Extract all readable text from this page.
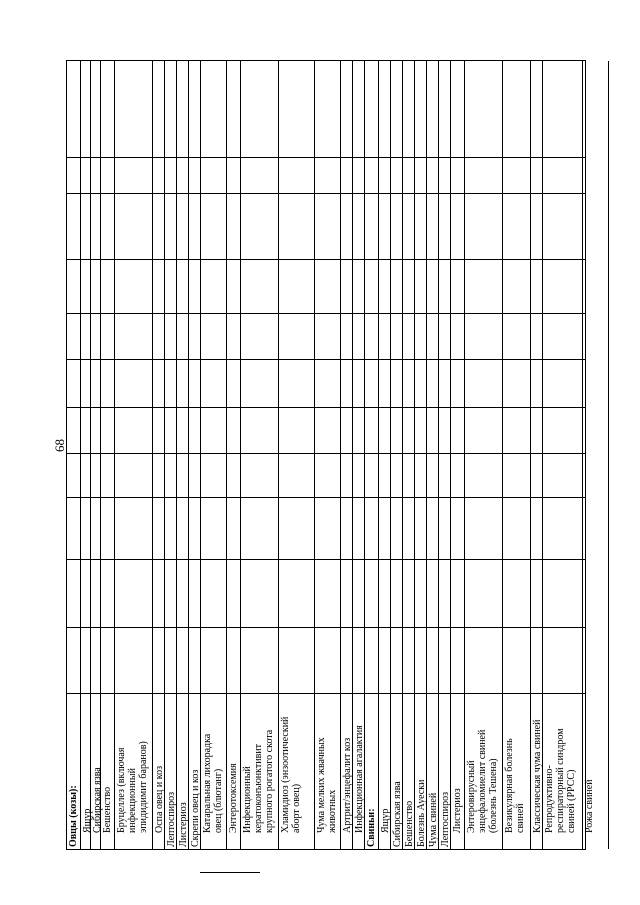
68
Овцы (козы): Ящур Сибирская язва Бешенство Бруцеллез (включая инфекционный эпидидимит баранов) Оспа овец и коз Лептоспироз Листериоз Скрепи овец и коз Катаральная лихорадка овец (блютанг) Энтеротоксемия Инфекционный кератоконъюнктивит крупного рогатого скота Хламидиоз (энзоотический аборт овец)	Чума мелких жвачных животных Артрит/энцефалит коз Инфекционная агалактия Свиньи: Ящур Сибирская язва Бешенство Болезнь Ауески Чума свиней Лептоспироз Листериоз Энтеровирусный энцефаломиелит свиней (болезнь Тешена) Везикулярная болезнь свиней Классическая чума свиней Репродуктивно-респираторный синдром свиней (РРСС) Рожа свиней
